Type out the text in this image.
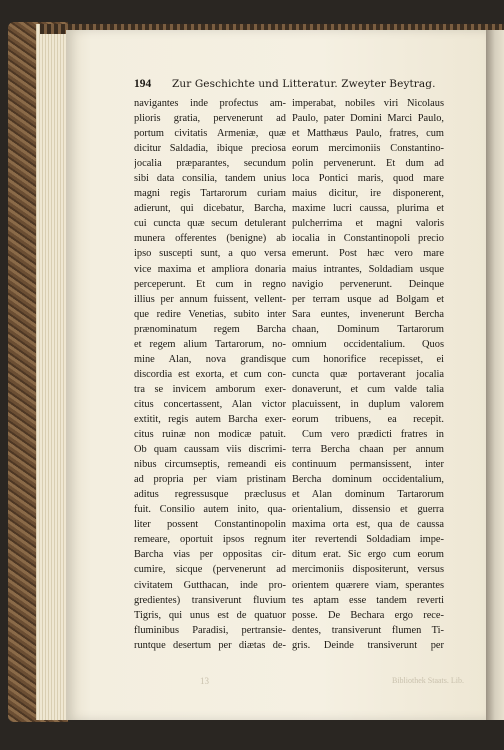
194 Zur Geschichte und Litteratur. Zweyter Beytrag.
navigantes inde profectus am-
plioris gratia, pervenerunt ad
portum civitatis Armeniæ, quæ
dicitur Saldadia, ibique preciosa
jocalia præparantes, secundum
sibi data consilia, tandem unius
magni regis Tartarorum curiam
adierunt, qui dicebatur, Barcha,
cui cuncta quæ secum detulerant
munera offerentes (benigne) ab
ipso suscepti sunt, a quo versa
vice maxima et ampliora donaria
perceperunt. Et cum in regno
illius per annum fuissent, vellent-
que redire Venetias, subito inter
prænominatum regem Barcha
et regem alium Tartarorum, no-
mine Alan, nova grandisque
discordia est exorta, et cum con-
tra se invicem amborum exer-
citus concertassent, Alan victor
extitit, regis autem Barcha exer-
citus ruinæ non modicæ patuit.
Ob quam caussam viis discrimi-
nibus circumseptis, remeandi eis
ad propria per viam pristinam
aditus regressusque præclusus
fuit. Consilio autem inito, qua-
liter possent Constantinopolin
remeare, oportuit ipsos regnum
Barcha vias per oppositas cir-
cumire, sicque (pervenerunt ad
civitatem Gutthacan, inde pro-
gredientes) transiverunt fluvium
Tigris, qui unus est de quatuor
fluminibus Paradisi, pertransie-
runtque desertum per diætas de-
imperabat, nobiles viri Nicolaus
Paulo, pater Domini Marci Paulo,
et Matthæus Paulo, fratres, cum
eorum mercimoniis Constantino-
polin pervenerunt. Et dum ad
loca Pontici maris, quod mare
maius dicitur, ire disponerent,
maxime lucri caussa, plurima et
pulcherrima et magni valoris
iocalia in Constantinopoli precio
emerunt. Post hæc vero mare
maius intrantes, Soldadiam usque
navigio pervenerunt. Deinque
per terram usque ad Bolgam et
Sara euntes, invenerunt Bercha
chaan, Dominum Tartarorum
omnium occidentalium. Quos
cum honorifice recepisset, ei
cuncta quæ portaverant jocalia
donaverunt, et cum valde talia
placuissent, in duplum valorem
eorum tribuens, ea recepit.
Cum vero prædicti fratres in
terra Bercha chaan per annum
continuum permansissent, inter
Bercha dominum occidentalium,
et Alan dominum Tartarorum
orientalium, dissensio et guerra
maxima orta est, qua de caussa
iter revertendi Soldadiam impe-
ditum erat. Sic ergo cum eorum
mercimoniis dispositerunt, versus
orientem quærere viam, sperantes
tes aptam esse tandem reverti
posse. De Bechara ergo rece-
dentes, transiverunt flumen Ti-
gris. Deinde transiverunt per
13	Bibliothek Staats. Lib.
